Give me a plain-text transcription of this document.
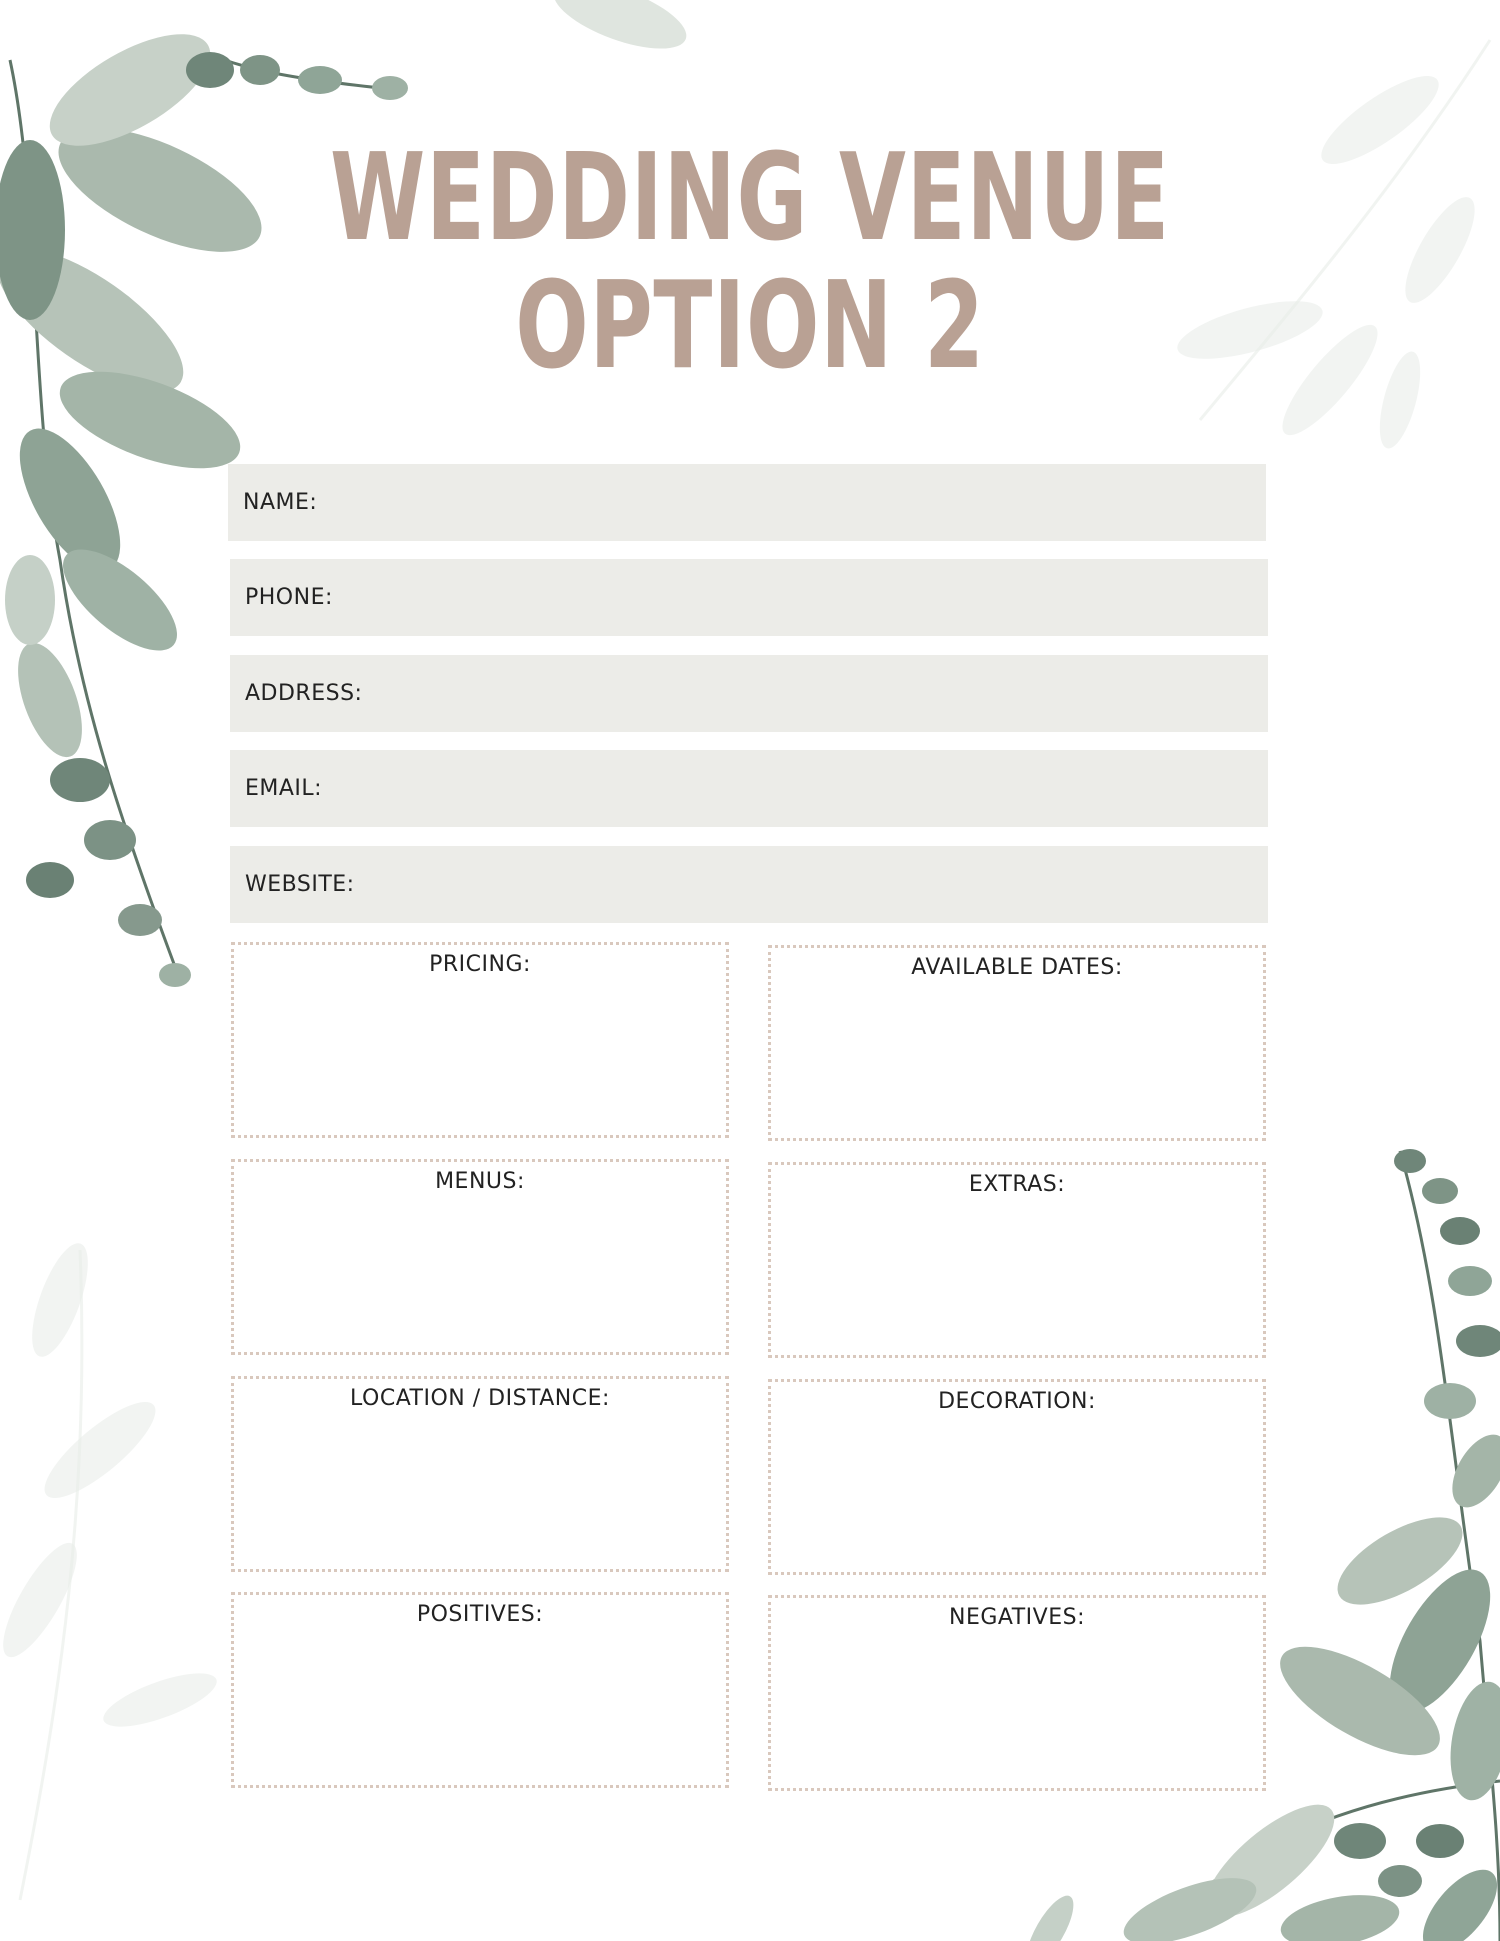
WEDDING VENUE
OPTION 2
NAME:
PHONE:
ADDRESS:
EMAIL:
WEBSITE:
PRICING:	AVAILABLE DATES:
MENUS:	EXTRAS:
LOCATION / DISTANCE:	DECORATION:
POSITIVES:	NEGATIVES:
